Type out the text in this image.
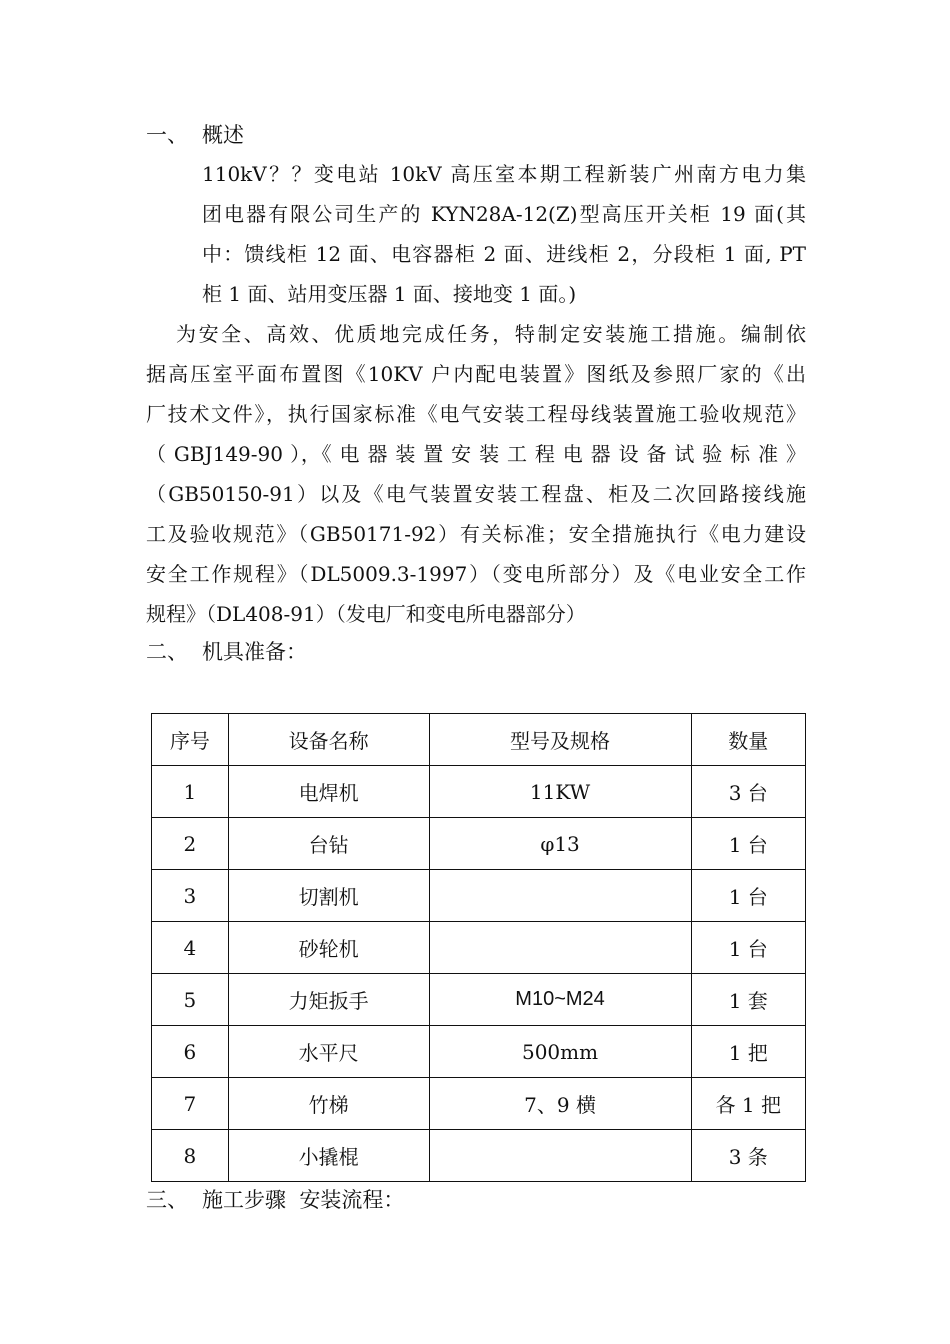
一、 概述
110kV？？变电站 10kV 高压室本期工程新装广州南方电力集
团电器有限公司生产的 KYN28A-12(Z)型高压开关柜 19 面(其
中：馈线柜 12 面、电容器柜 2 面、进线柜 2，分段柜 1 面, PT
柜 1 面、站用变压器 1 面、接地变 1 面。)
为安全、高效、优质地完成任务，特制定安装施工措施。编制依
据高压室平面布置图《10KV 户内配电装置》图纸及参照厂家的《出
厂技术文件》，执行国家标准《电气安装工程母线装置施工验收规范》
（ GBJ149-90 ），《 电 器 装 置 安 装 工 程 电 器 设 备 试 验 标 准 》
（GB50150-91）以及《电气装置安装工程盘、柜及二次回路接线施
工及验收规范》（GB50171-92）有关标准；安全措施执行《电力建设
安全工作规程》（DL5009.3-1997）（变电所部分）及《电业安全工作
规程》（DL408-91）（发电厂和变电所电器部分）
二、 机具准备：
序号	设备名称	型号及规格	数量
1	电焊机	11KW	3 台
2	台钻	φ13	1 台
3	切割机		1 台
4	砂轮机		1 台
5	力矩扳手	M10~M24	1 套
6	水平尺	500mm	1 把
7	竹梯	7、9 横	各 1 把
8	小撬棍		3 条
三、 施工步骤  安装流程：
